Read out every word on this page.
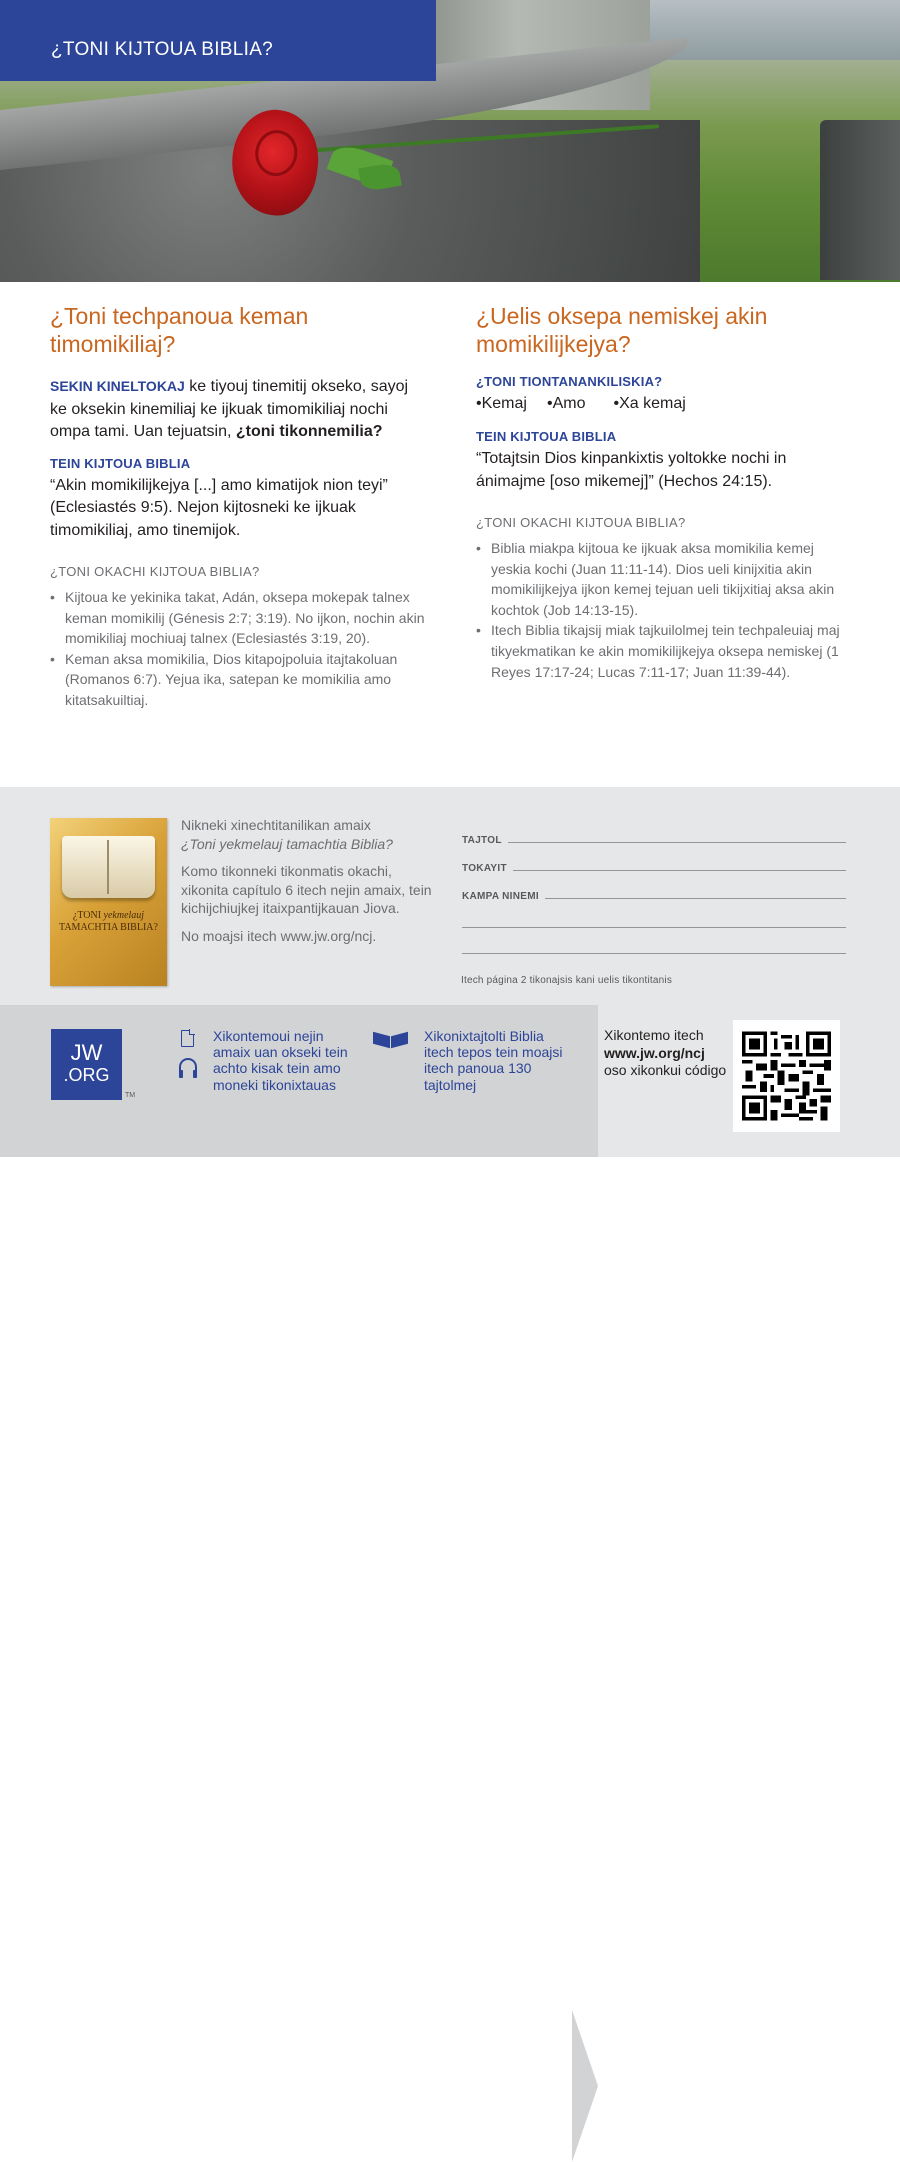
¿TONI KIJTOUA BIBLIA?
¿Toni techpanoua keman timomikiliaj?

SEKIN KINELTOKAJ ke tiyouj tinemitij okseko, sayoj ke oksekin kinemiliaj ke ijkuak timomikiliaj nochi ompa tami. Uan tejuatsin, ¿toni tikonnemilia?

TEIN KIJTOUA BIBLIA

“Akin momikilijkejya [...] amo kimatijok nion teyi” (Eclesiastés 9:5). Nejon kijtosneki ke ijkuak timomikiliaj, amo tinemijok.

¿TONI OKACHI KIJTOUA BIBLIA?
• Kijtoua ke yekinika takat, Adán, oksepa mokepak talnex keman momikilij (Génesis 2:7; 3:19). No ijkon, nochin akin momikiliaj mochiuaj talnex (Eclesiastés 3:19, 20).
• Keman aksa momikilia, Dios kitapojpoluia itajtakoluan (Romanos 6:7). Yejua ika, satepan ke momikilia amo kitatsakuiltiaj.
¿Uelis oksepa nemiskej akin momikilijkejya?
¿TONI TIONTANANKILISKIA?
• Kemaj	• Amo	• Xa kemaj
TEIN KIJTOUA BIBLIA

“Totajtsin Dios kinpankixtis yoltokke nochi in ánimajme [oso mikemej]” (Hechos 24:15).

¿TONI OKACHI KIJTOUA BIBLIA?
• Biblia miakpa kijtoua ke ijkuak aksa momikilia kemej yeskia kochi (Juan 11:11-14). Dios ueli kinijxitia akin momikilijkejya ijkon kemej tejuan ueli tikijxitiaj aksa akin kochtok (Job 14:13-15).
• Itech Biblia tikajsij miak tajkuilolmej tein techpaleuiaj maj tikyekmatikan ke akin momikilijkejya oksepa nemiskej (1 Reyes 17:17-24; Lucas 7:11-17; Juan 11:39-44).
¿TONI yekmelauj
TAMACHTIA BIBLIA?

Nikneki xinechtitanilikan amaix
¿Toni yekmelauj tamachtia Biblia?

Komo tikonneki tikonmatis okachi, xikonita capítulo 6 itech nejin amaix, tein kichijchiujkej itaixpantijkauan Jiova.

No moajsi itech www.jw.org/ncj.

TAJTOL
TOKAYIT
KAMPA NINEMI
Itech página 2 tikonajsis kani uelis tikontitanis
JW
.ORG
TM
Xikontemoui nejin amaix uan okseki tein achto kisak tein amo moneki tikonixtauas
Xikonixtajtolti Biblia itech tepos tein moajsi itech panoua 130 tajtolmej
Xikontemo itech
www.jw.org/ncj
oso xikonkui código
